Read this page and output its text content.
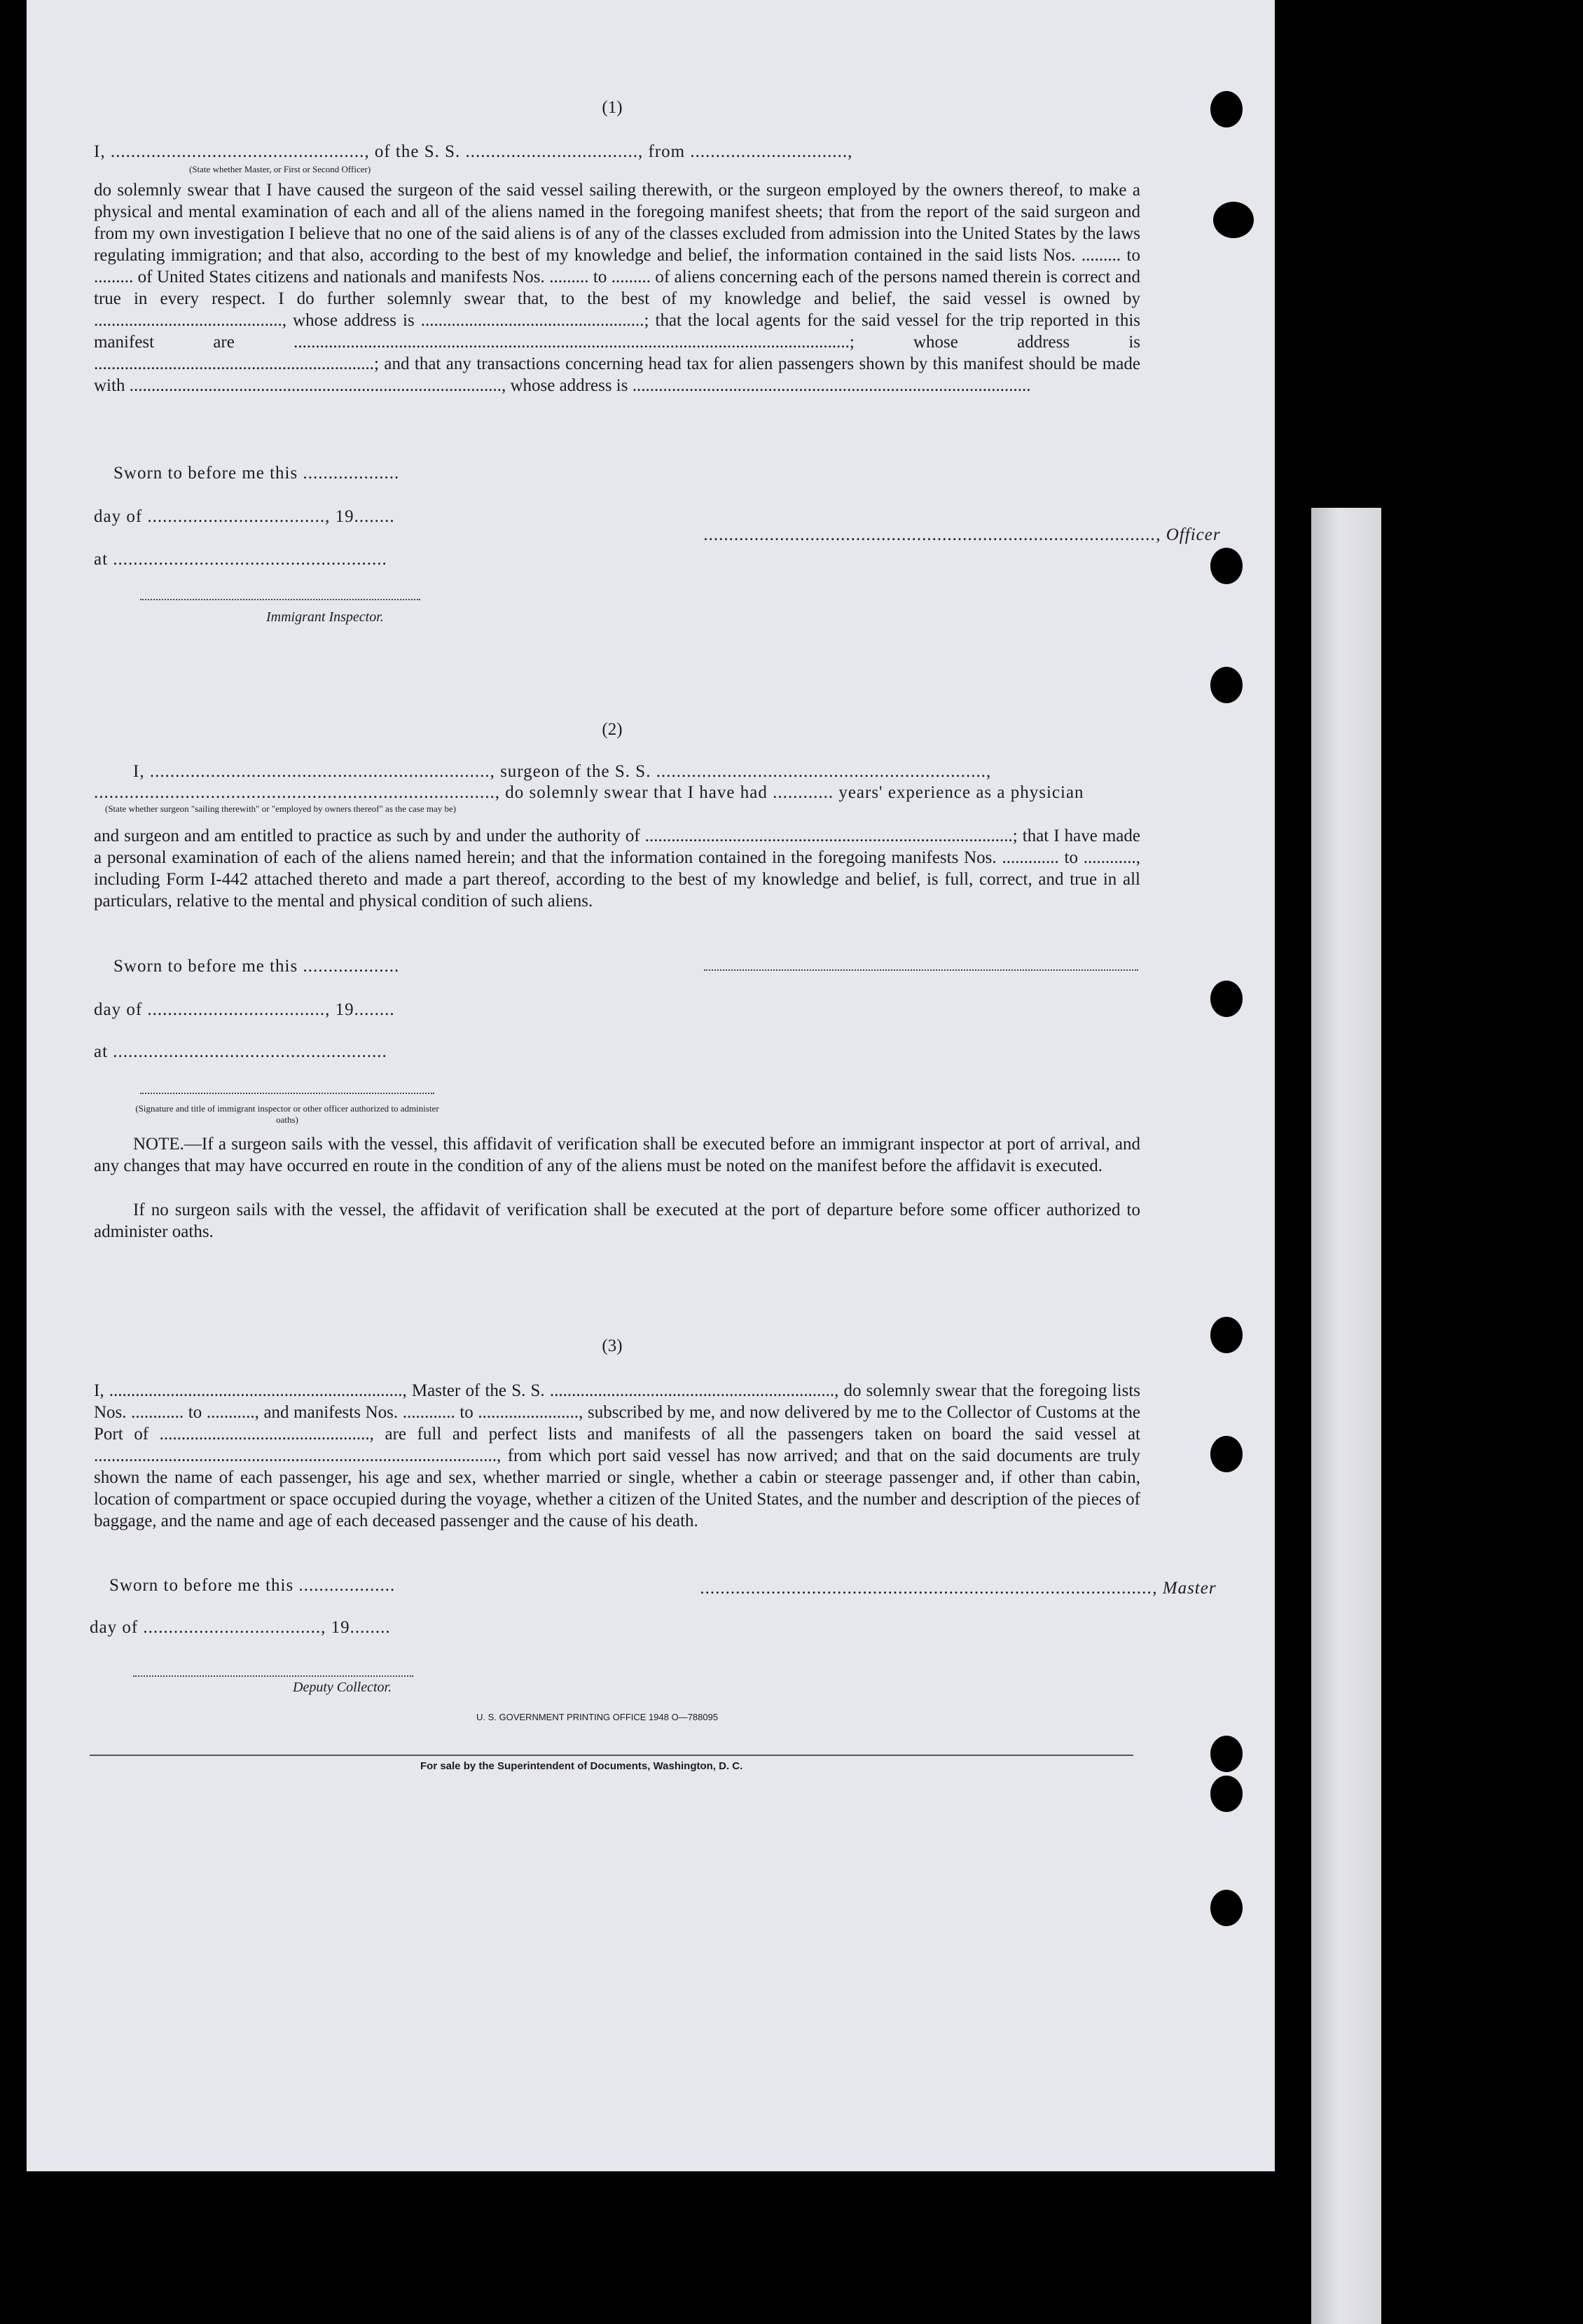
(1)
I, .................................................., of the S. S. .................................., from ...............................,
(State whether Master, or First or Second Officer)

do solemnly swear that I have caused the surgeon of the said vessel sailing therewith, or the surgeon employed by the owners thereof, to make a physical and mental examination of each and all of the aliens named in the foregoing manifest sheets; that from the report of the said surgeon and from my own investigation I believe that no one of the said aliens is of any of the classes excluded from admission into the United States by the laws regulating immigration; and that also, according to the best of my knowledge and belief, the information contained in the said lists Nos. ......... to ......... of United States citizens and nationals and manifests Nos. ......... to ......... of aliens concerning each of the persons named therein is correct and true in every respect. I do further solemnly swear that, to the best of my knowledge and belief, the said vessel is owned by ..........................................., whose address is ...................................................; that the local agents for the said vessel for the trip reported in this manifest are ...............................................................................................................................; whose address is ................................................................; and that any transactions concerning head tax for alien passengers shown by this manifest should be made with ....................................................................................., whose address is ...........................................................................................

Sworn to before me this ...................
day of ..................................., 19........
at ......................................................
........................................................................................., Officer
Immigrant Inspector.
(2)
I, ..................................................................., surgeon of the S. S. .................................................................,
..............................................................................., do solemnly swear that I have had ............ years' experience as a physician
(State whether surgeon "sailing therewith" or "employed by owners thereof" as the case may be)

and surgeon and am entitled to practice as such by and under the authority of ....................................................................................; that I have made a personal examination of each of the aliens named herein; and that the information contained in the foregoing manifests Nos. ............. to ............, including Form I-442 attached thereto and made a part thereof, according to the best of my knowledge and belief, is full, correct, and true in all particulars, relative to the mental and physical condition of such aliens.

Sworn to before me this ...................
day of ..................................., 19........
at ......................................................
(Signature and title of immigrant inspector or other officer authorized to administer oaths)

NOTE.—If a surgeon sails with the vessel, this affidavit of verification shall be executed before an immigrant inspector at port of arrival, and any changes that may have occurred en route in the condition of any of the aliens must be noted on the manifest before the affidavit is executed.

If no surgeon sails with the vessel, the affidavit of verification shall be executed at the port of departure before some officer authorized to administer oaths.

(3)

I, ..................................................................., Master of the S. S. ................................................................., do solemnly swear that the foregoing lists Nos. ............ to ..........., and manifests Nos. ............ to ......................., subscribed by me, and now delivered by me to the Collector of Customs at the Port of ................................................, are full and perfect lists and manifests of all the passengers taken on board the said vessel at ............................................................................................, from which port said vessel has now arrived; and that on the said documents are truly shown the name of each passenger, his age and sex, whether married or single, whether a cabin or steerage passenger and, if other than cabin, location of compartment or space occupied during the voyage, whether a citizen of the United States, and the number and description of the pieces of baggage, and the name and age of each deceased passenger and the cause of his death.

Sworn to before me this ...................	........................................................................................., Master
day of ..................................., 19........
Deputy Collector.
U. S. GOVERNMENT PRINTING OFFICE 1948 O—788095
For sale by the Superintendent of Documents, Washington, D. C.
